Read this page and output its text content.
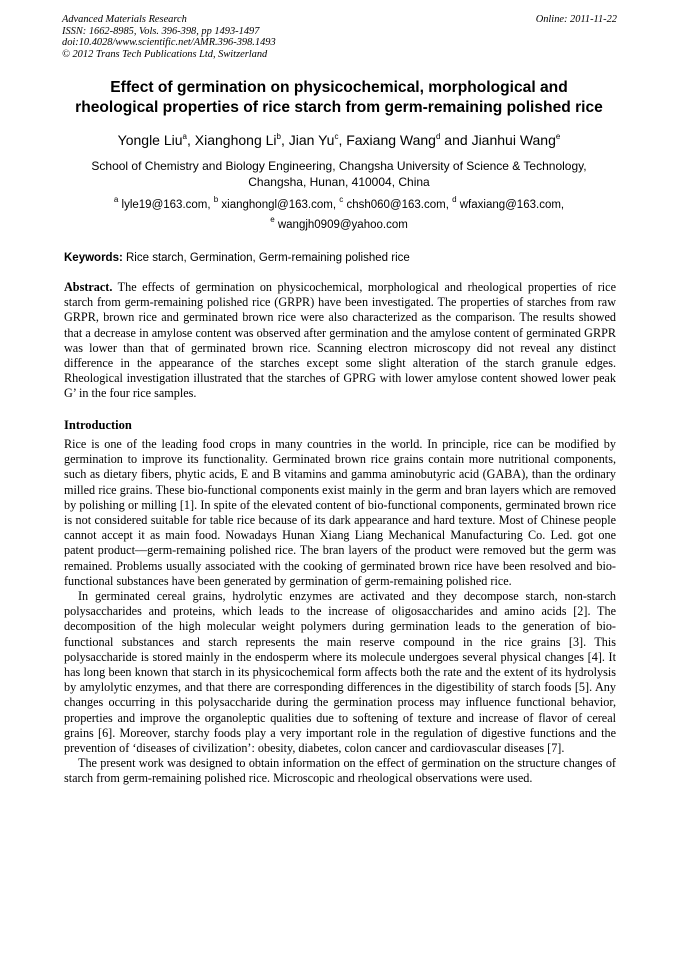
Advanced Materials Research
ISSN: 1662-8985, Vols. 396-398, pp 1493-1497
doi:10.4028/www.scientific.net/AMR.396-398.1493
© 2012 Trans Tech Publications Ltd, Switzerland
Online: 2011-11-22
Effect of germination on physicochemical, morphological and
rheological properties of rice starch from germ-remaining polished rice
Yongle Liu$^a$, Xianghong Li$^b$, Jian Yu$^c$, Faxiang Wang$^d$ and Jianhui Wang$^e$
School of Chemistry and Biology Engineering, Changsha University of Science & Technology,
Changsha, Hunan, 410004, China
$^a$ lyle19@163.com, $^b$ xianghongl@163.com, $^c$ chsh060@163.com, $^d$ wfaxiang@163.com,
$^e$ wangjh0909@yahoo.com
Keywords: Rice starch, Germination, Germ-remaining polished rice

Abstract. The effects of germination on physicochemical, morphological and rheological properties of rice starch from germ-remaining polished rice (GRPR) have been investigated. The properties of starches from raw GRPR, brown rice and germinated brown rice were also characterized as the comparison. The results showed that a decrease in amylose content was observed after germination and the amylose content of germinated GRPR was lower than that of germinated brown rice. Scanning electron microscopy did not reveal any distinct difference in the appearance of the starches except some slight alteration of the starch granule edges. Rheological investigation illustrated that the starches of GPRG with lower amylose content showed lower peak G’ in the four rice samples.

Introduction

Rice is one of the leading food crops in many countries in the world. In principle, rice can be modified by germination to improve its functionality. Germinated brown rice grains contain more nutritional components, such as dietary fibers, phytic acids, E and B vitamins and gamma aminobutyric acid (GABA), than the ordinary milled rice grains. These bio-functional components exist mainly in the germ and bran layers which are removed by polishing or milling [1]. In spite of the elevated content of bio-functional components, germinated brown rice is not considered suitable for table rice because of its dark appearance and hard texture. Most of Chinese people cannot accept it as main food. Nowadays Hunan Xiang Liang Mechanical Manufacturing Co. Led. got one patent product—germ-remaining polished rice. The bran layers of the product were removed but the germ was remained. Problems usually associated with the cooking of germinated brown rice have been resolved and bio-functional substances have been generated by germination of germ-remaining polished rice.

In germinated cereal grains, hydrolytic enzymes are activated and they decompose starch, non-starch polysaccharides and proteins, which leads to the increase of oligosaccharides and amino acids [2]. The decomposition of the high molecular weight polymers during germination leads to the generation of bio-functional substances and starch represents the main reserve compound in the rice grains [3]. This polysaccharide is stored mainly in the endosperm where its molecule undergoes several physical changes [4]. It has long been known that starch in its physicochemical form affects both the rate and the extent of its hydrolysis by amylolytic enzymes, and that there are corresponding differences in the digestibility of starch foods [5]. Any changes occurring in this polysaccharide during the germination process may influence functional behavior, properties and improve the organoleptic qualities due to softening of texture and increase of flavor of cereal grains [6]. Moreover, starchy foods play a very important role in the regulation of digestive functions and the prevention of ‘diseases of civilization’: obesity, diabetes, colon cancer and cardiovascular diseases [7].

The present work was designed to obtain information on the effect of germination on the structure changes of starch from germ-remaining polished rice. Microscopic and rheological observations were used.
